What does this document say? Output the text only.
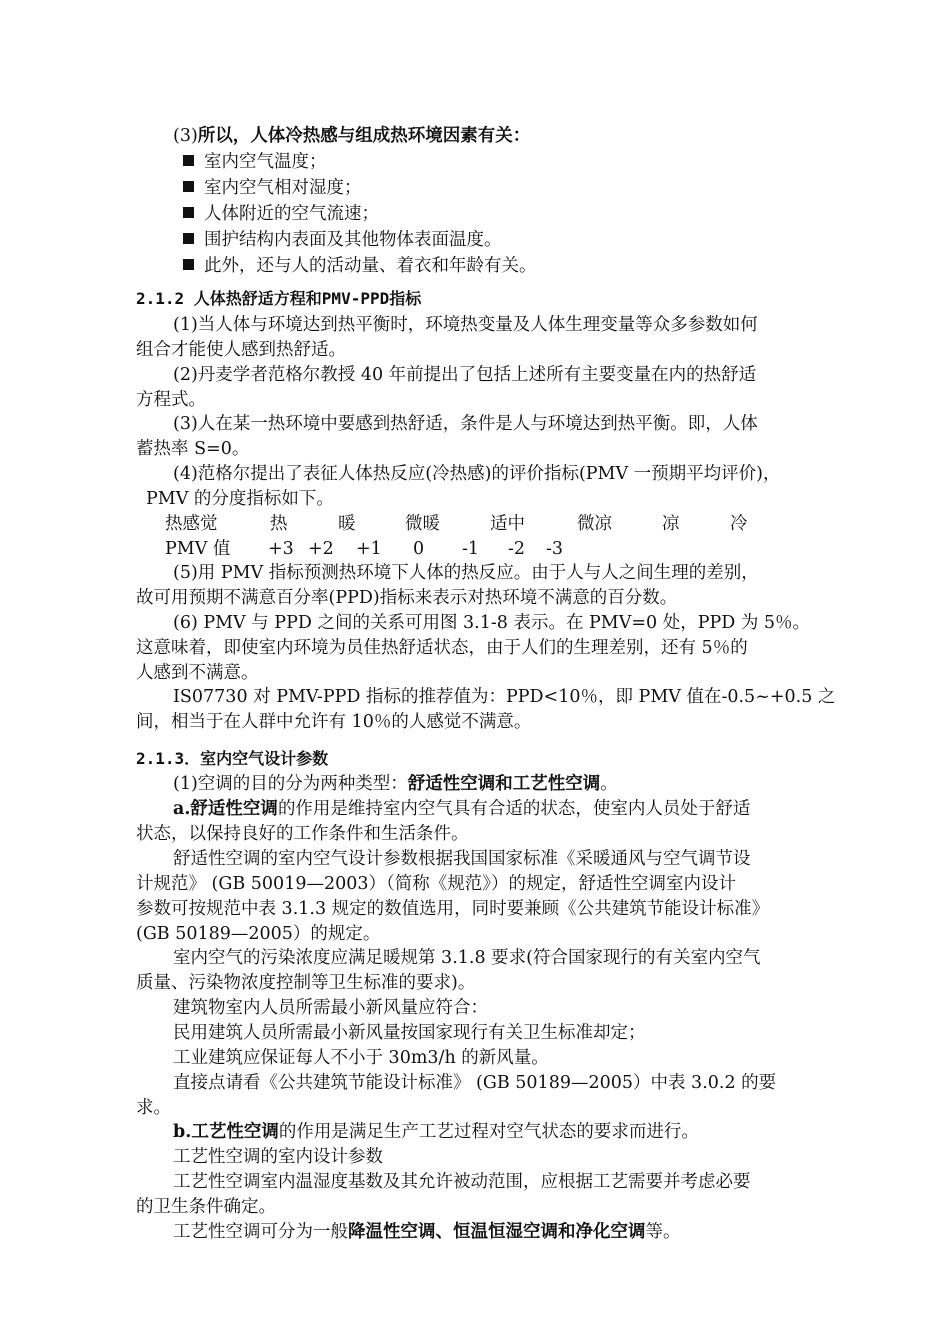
(3)所以，人体冷热感与组成热环境因素有关：
室内空气温度；
室内空气相对湿度；
人体附近的空气流速；
围护结构内表面及其他物体表面温度。
此外，还与人的活动量、着衣和年龄有关。
2.1.2 人体热舒适方程和PMV-PPD指标
(1)当人体与环境达到热平衡时，环境热变量及人体生理变量等众多参数如何
组合才能使人感到热舒适。
(2)丹麦学者范格尔教授 40 年前提出了包括上述所有主要变量在内的热舒适
方程式。
(3)人在某一热环境中要感到热舒适，条件是人与环境达到热平衡。即，人体
蓄热率 S=0。
(4)范格尔提出了表征人体热反应(冷热感)的评价指标(PMV 一预期平均评价)，
PMV 的分度指标如下。
热感觉	热	暖	微暖	适中	微凉	凉	冷
PMV 值 +3 +2 +1 0 -1 -2 -3
(5)用 PMV 指标预测热环境下人体的热反应。由于人与人之间生理的差别，
故可用预期不满意百分率(PPD)指标来表示对热环境不满意的百分数。
(6) PMV 与 PPD 之间的关系可用图 3.1-8 表示。在 PMV=0 处，PPD 为 5％。
这意味着，即使室内环境为员佳热舒适状态，由于人们的生理差别，还有 5％的
人感到不满意。
IS07730 对 PMV-PPD 指标的推荐值为：PPD<10％，即 PMV 值在-0.5~+0.5 之
间，相当于在人群中允许有 10％的人感觉不满意。
2.1.3．室内空气设计参数
(1)空调的目的分为两种类型：舒适性空调和工艺性空调。
a.舒适性空调的作用是维持室内空气具有合适的状态，使室内人员处于舒适
状态，以保持良好的工作条件和生活条件。
舒适性空调的室内空气设计参数根据我国国家标准《采暖通风与空气调节设
计规范》 (GB 50019—2003）（简称《规范》）的规定，舒适性空调室内设计
参数可按规范中表 3.1.3 规定的数值选用，同时要兼顾《公共建筑节能设计标准》
(GB 50189—2005）的规定。
室内空气的污染浓度应满足暖规第 3.1.8 要求(符合国家现行的有关室内空气
质量、污染物浓度控制等卫生标准的要求)。
建筑物室内人员所需最小新风量应符合：
民用建筑人员所需最小新风量按国家现行有关卫生标准却定；
工业建筑应保证每人不小于 30m3/h 的新风量。
直接点请看《公共建筑节能设计标准》 (GB 50189—2005）中表 3.0.2 的要
求。
b.工艺性空调的作用是满足生产工艺过程对空气状态的要求而进行。
工艺性空调的室内设计参数
工艺性空调室内温湿度基数及其允许被动范围，应根据工艺需要并考虑必要
的卫生条件确定。
工艺性空调可分为一般降温性空调、恒温恒湿空调和净化空调等。
